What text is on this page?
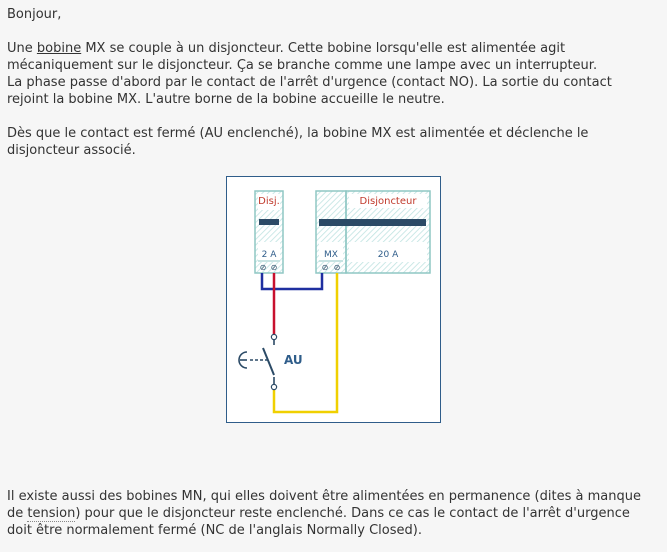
Bonjour,

Une bobine MX se couple à un disjoncteur. Cette bobine lorsqu'elle est alimentée agit
mécaniquement sur le disjoncteur. Ça se branche comme une lampe avec un interrupteur.
La phase passe d'abord par le contact de l'arrêt d'urgence (contact NO). La sortie du contact
rejoint la bobine MX. L'autre borne de la bobine accueille le neutre.

Dès que le contact est fermé (AU enclenché), la bobine MX est alimentée et déclenche le
disjoncteur associé.

Disj.
2 A
⊘ ⊘
MX
⊘ ⊘
Disjoncteur
20 A
AU

Il existe aussi des bobines MN, qui elles doivent être alimentées en permanence (dites à manque
de tension) pour que le disjoncteur reste enclenché. Dans ce cas le contact de l'arrêt d'urgence
doit être normalement fermé (NC de l'anglais Normally Closed).
